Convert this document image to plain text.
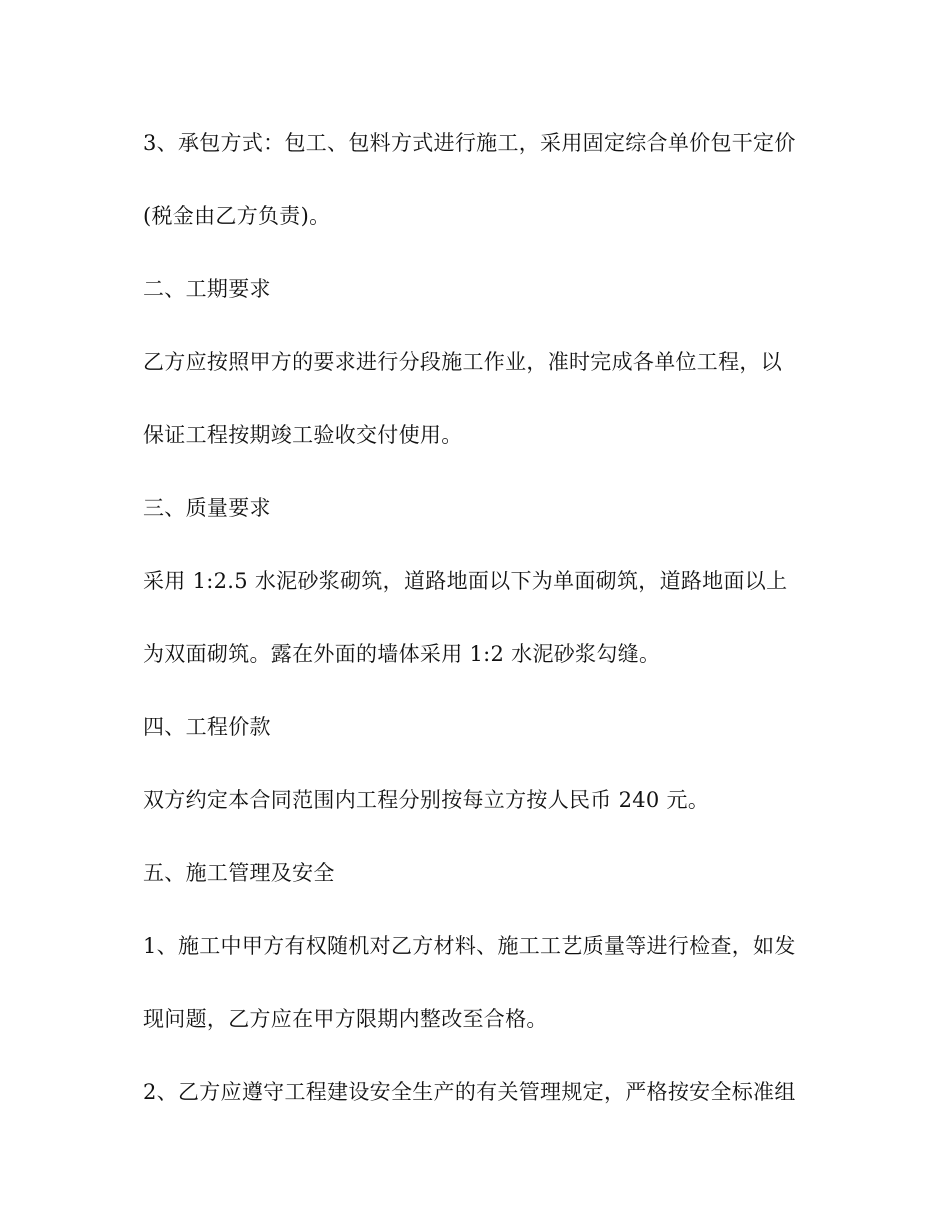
3、承包方式：包工、包料方式进行施工，采用固定综合单价包干定价
(税金由乙方负责)。
二、工期要求
乙方应按照甲方的要求进行分段施工作业，准时完成各单位工程，以
保证工程按期竣工验收交付使用。
三、质量要求
采用 1:2.5 水泥砂浆砌筑，道路地面以下为单面砌筑，道路地面以上
为双面砌筑。露在外面的墙体采用 1:2 水泥砂浆勾缝。
四、工程价款
双方约定本合同范围内工程分别按每立方按人民币 240 元。
五、施工管理及安全
1、施工中甲方有权随机对乙方材料、施工工艺质量等进行检查，如发
现问题，乙方应在甲方限期内整改至合格。
2、乙方应遵守工程建设安全生产的有关管理规定，严格按安全标准组
